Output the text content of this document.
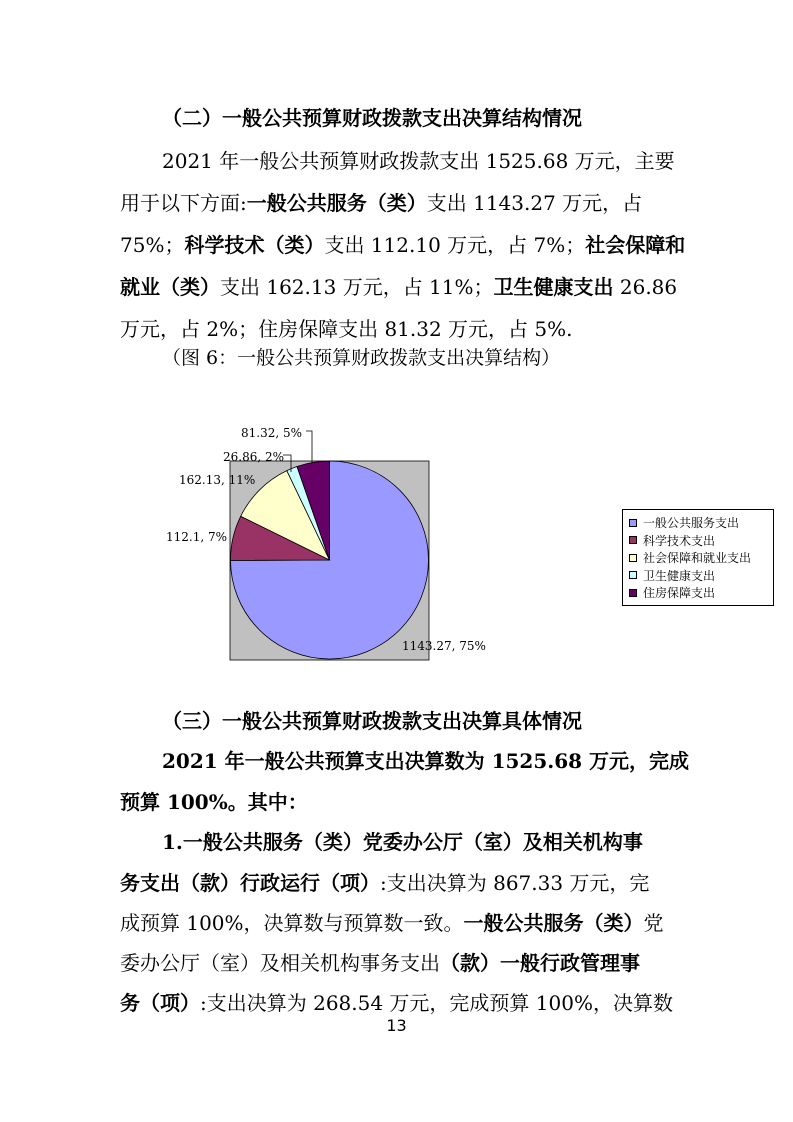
（二）一般公共预算财政拨款支出决算结构情况
2021 年一般公共预算财政拨款支出 1525.68 万元，主要
用于以下方面:一般公共服务（类）支出 1143.27 万元，占
75%；科学技术（类）支出 112.10 万元，占 7%；社会保障和
就业（类）支出 162.13 万元，占 11%；卫生健康支出 26.86
万元，占 2%；住房保障支出 81.32 万元，占 5%.
（图 6：一般公共预算财政拨款支出决算结构）
1143.27, 75%
112.1, 7%
162.13, 11%
26.86, 2%
81.32, 5%
一般公共服务支出
科学技术支出
社会保障和就业支出
卫生健康支出
住房保障支出
（三）一般公共预算财政拨款支出决算具体情况
2021 年一般公共预算支出决算数为 1525.68 万元，完成
预算 100%。其中：
1.一般公共服务（类）党委办公厅（室）及相关机构事
务支出（款）行政运行（项）:支出决算为 867.33 万元，完
成预算 100%，决算数与预算数一致。一般公共服务（类）党
委办公厅（室）及相关机构事务支出（款）一般行政管理事
务（项）:支出决算为 268.54 万元，完成预算 100%，决算数
13
